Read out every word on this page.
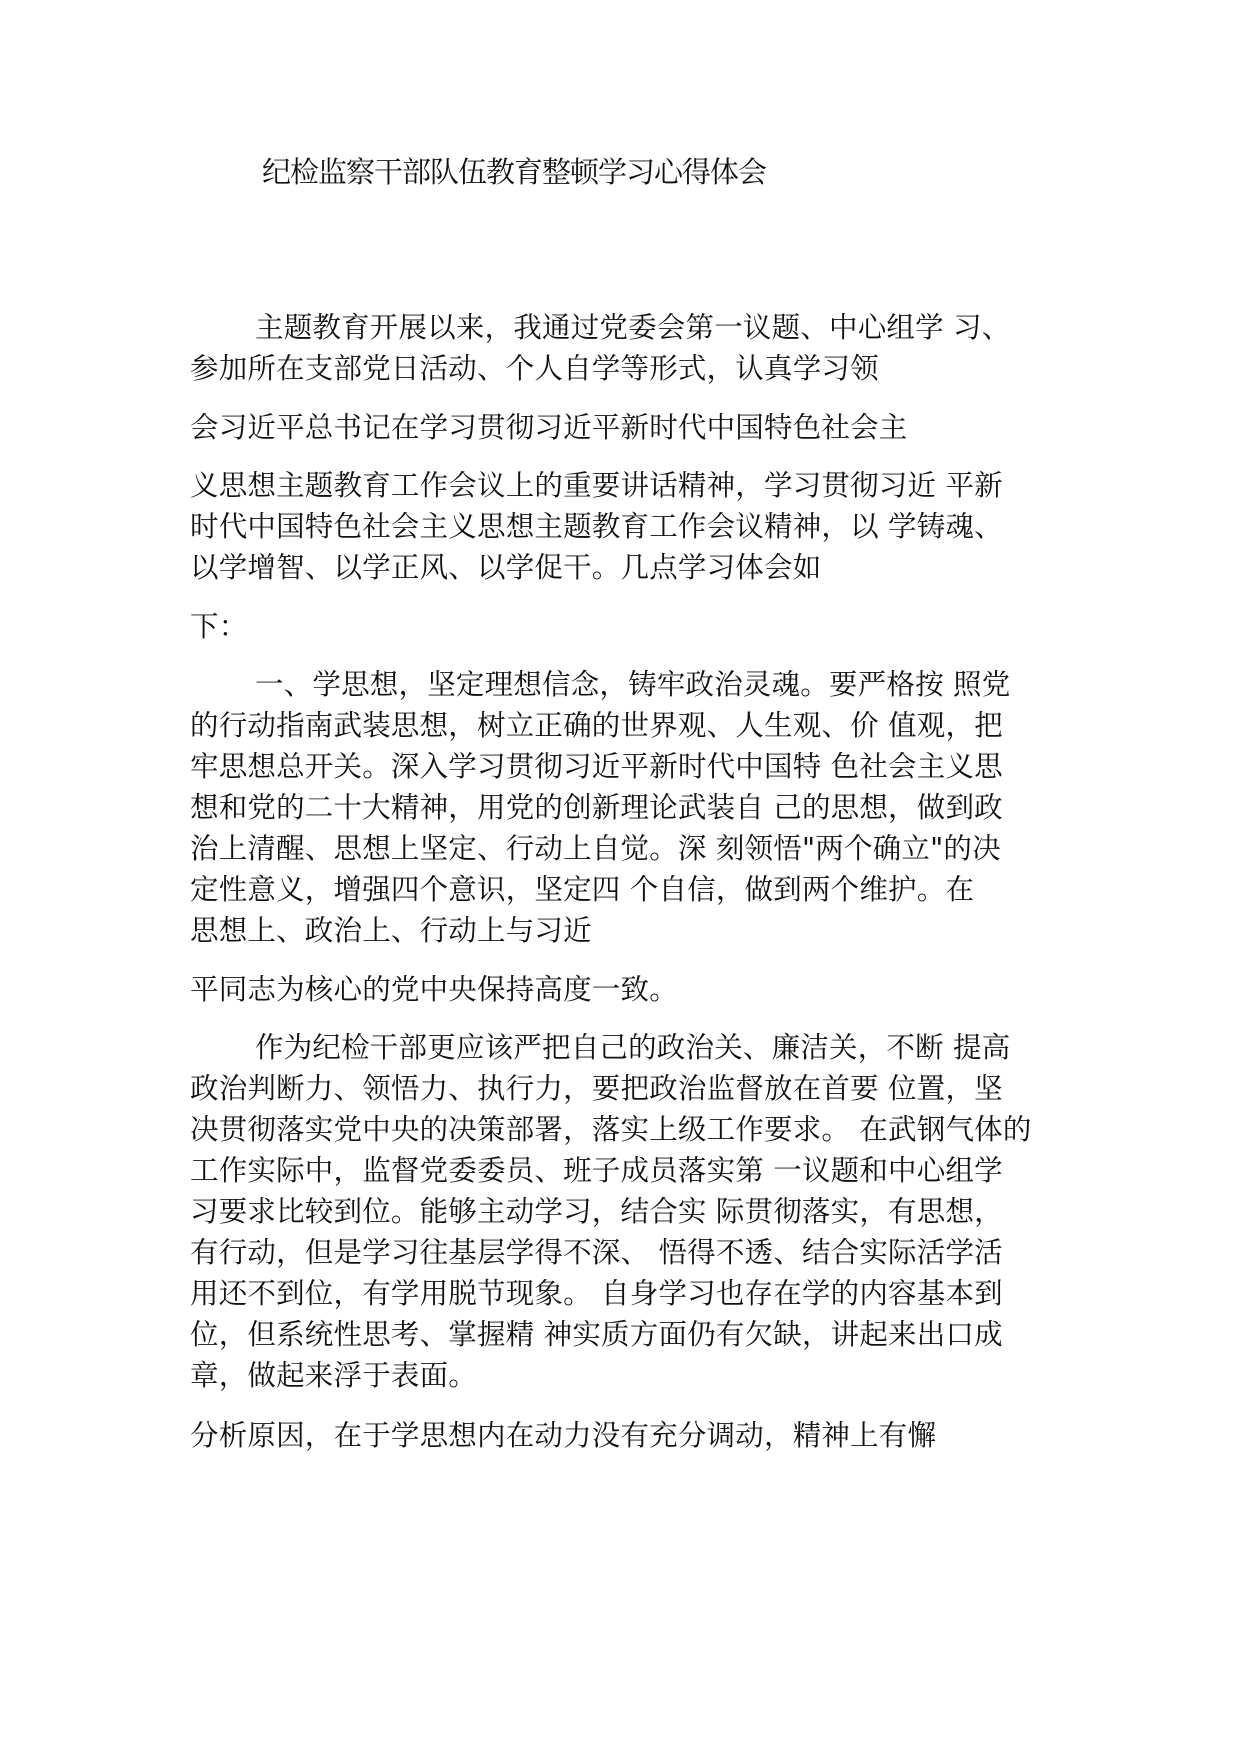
纪检监察干部队伍教育整顿学习心得体会
主题教育开展以来，我通过党委会第一议题、中心组学 习、
参加所在支部党日活动、个人自学等形式，认真学习领
会习近平总书记在学习贯彻习近平新时代中国特色社会主
义思想主题教育工作会议上的重要讲话精神，学习贯彻习近 平新
时代中国特色社会主义思想主题教育工作会议精神，以 学铸魂、
以学增智、以学正风、以学促干。几点学习体会如
下：
一、学思想，坚定理想信念，铸牢政治灵魂。要严格按 照党
的行动指南武装思想，树立正确的世界观、人生观、价 值观，把
牢思想总开关。深入学习贯彻习近平新时代中国特 色社会主义思
想和党的二十大精神，用党的创新理论武装自 己的思想，做到政
治上清醒、思想上坚定、行动上自觉。深 刻领悟"两个确立"的决
定性意义，增强四个意识，坚定四 个自信，做到两个维护。在
思想上、政治上、行动上与习近
平同志为核心的党中央保持高度一致。
作为纪检干部更应该严把自己的政治关、廉洁关，不断 提高
政治判断力、领悟力、执行力，要把政治监督放在首要 位置，坚
决贯彻落实党中央的决策部署，落实上级工作要求。 在武钢气体的
工作实际中，监督党委委员、班子成员落实第 一议题和中心组学
习要求比较到位。能够主动学习，结合实 际贯彻落实，有思想，
有行动，但是学习往基层学得不深、 悟得不透、结合实际活学活
用还不到位，有学用脱节现象。 自身学习也存在学的内容基本到
位，但系统性思考、掌握精 神实质方面仍有欠缺，讲起来出口成
章，做起来浮于表面。
分析原因，在于学思想内在动力没有充分调动，精神上有懈
